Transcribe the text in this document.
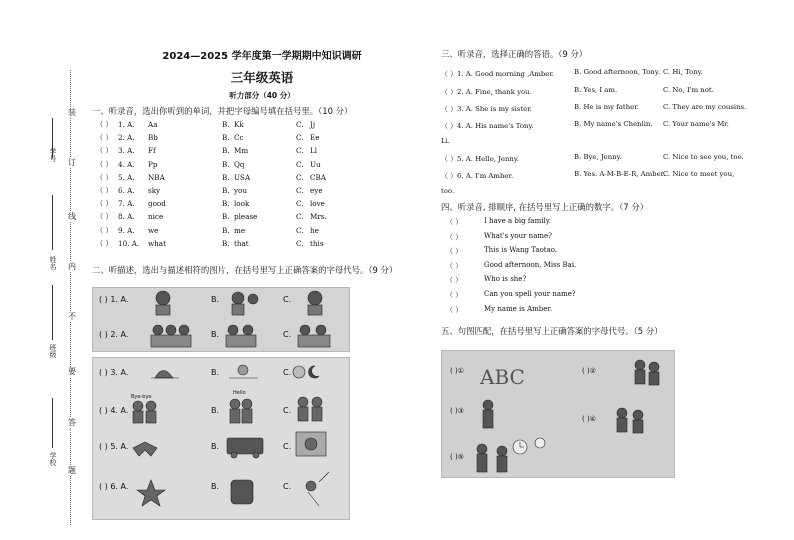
装
订
线
内
不
要
答
题
学号
姓名
班级
学校
2024—2025 学年度第一学期期中知识调研
三年级英语
听力部分（40 分）
一、听录音，选出你听到的单词，并把字母编号填在括号里。（10 分）
（ ） 1. A. Aa	B. Kk	C. Jj
（ ） 2. A. Bb	B. Cc	C. Ee
（ ） 3. A. Ff	B. Mm	C. Ll
（ ） 4. A. Pp	B. Qq	C. Uu
（ ） 5. A. NBA	B. USA	C. CBA
（ ） 6. A. sky	B. you	C. eye
（ ） 7. A. good	B. look	C. love
（ ） 8. A. nice	B. please	C. Mrs.
（ ） 9. A. we	B. me	C. he
（ ） 10. A. what	B. that	C. this
二、听描述，选出与描述相符的图片，在括号里写上正确答案的字母代号。（9 分）
( ) 1. A.	B.	C.
( ) 2. A.	B.	C.
( ) 3. A.	B.	C.
( ) 4. A.	B.	C.
( ) 5. A.	B.	C.
( ) 6. A.	B.	C.
Bye-bye
Hello
三、听录音，选择正确的答语。（9 分）
（ ）1. A. Good morning ,Amber.	B. Good afternoon, Tony. C. Hi, Tony.
（ ）2. A. Fine, thank you.	B. Yes, I am.	C. No, I'm not.
（ ）3. A. She is my sister.	B. He is my father.	C. They are my cousins.
（ ）4. A. His name's Tony.	B. My name's Chenlin. C. Your name's Mr.
Li.
（ ）5. A. Hello, Jenny.	B. Bye, Jenny.	C. Nice to see you, too.
（ ）6. A. I'm Amber.	B. Yes. A-M-B-E-R, Amber.
C. Nice to meet you,
too.
四、听录音, 排顺序, 在括号里写上正确的数字。（7 分）
（ ）	I have a big family.
（ ）	What's your name?
（ ）	This is Wang Taotao.
（ ）	Good afternoon, Miss Bai.
（ ）	Who is she?
（ ）	Can you spell your name?
（ ）	My name is Amber.
五、句图匹配，在括号里写上正确答案的字母代号。（5 分）
( )①	( )②
( )③
( )④
( )⑤
ABC
